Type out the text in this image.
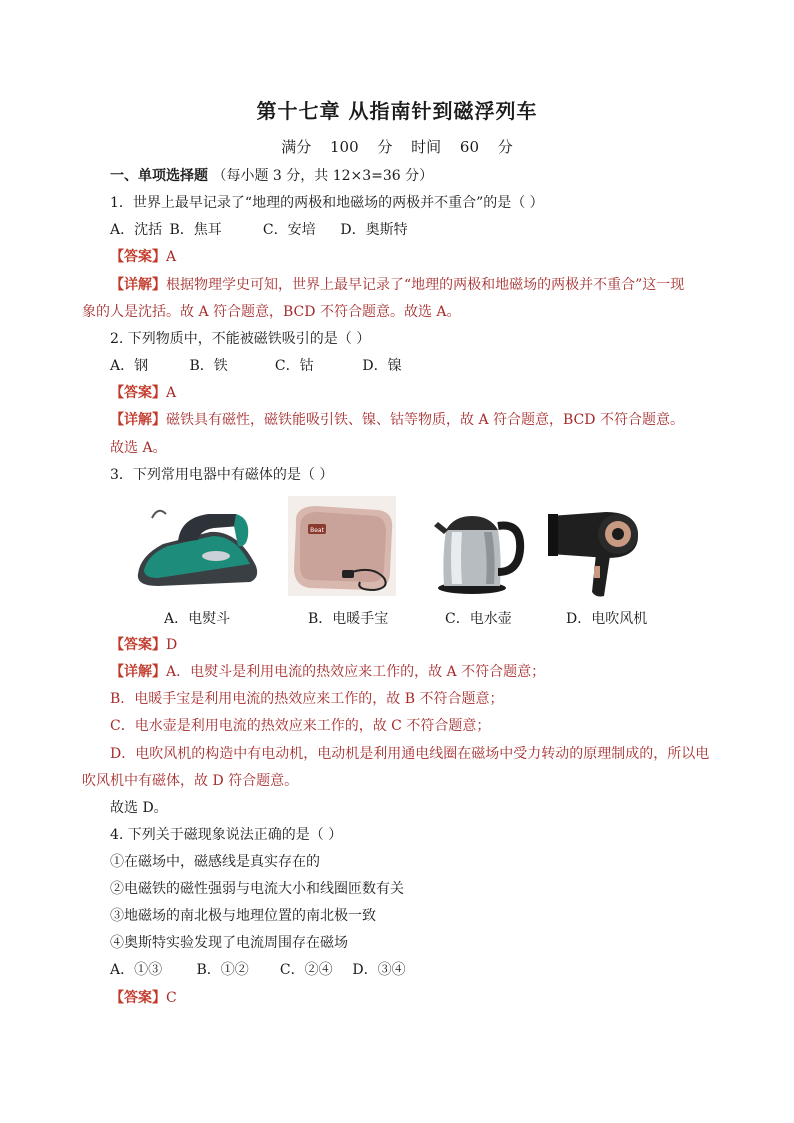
第十七章 从指南针到磁浮列车
满分 100 分 时间 60 分
一、单项选择题 （每小题 3 分，共 12×3=36 分）
1．世界上最早记录了“地理的两极和地磁场的两极并不重合”的是（ ）
A．沈括 B．焦耳	C．安培 D．奥斯特
【答案】A
【详解】根据物理学史可知，世界上最早记录了“地理的两极和地磁场的两极并不重合”这一现
象的人是沈括。故 A 符合题意，BCD 不符合题意。故选 A。
2. 下列物质中，不能被磁铁吸引的是（ ）
A．钢	B．铁	C．钴	D．镍
【答案】A
【详解】磁铁具有磁性，磁铁能吸引铁、镍、钴等物质，故 A 符合题意，BCD 不符合题意。
故选 A。
3．下列常用电器中有磁体的是（ ）
Beat
A．电熨斗	B．电暖手宝	C．电水壶	D．电吹风机
【答案】D
【详解】A．电熨斗是利用电流的热效应来工作的，故 A 不符合题意；
B．电暖手宝是利用电流的热效应来工作的，故 B 不符合题意；
C．电水壶是利用电流的热效应来工作的，故 C 不符合题意；
D．电吹风机的构造中有电动机，电动机是利用通电线圈在磁场中受力转动的原理制成的，所以电
吹风机中有磁体，故 D 符合题意。
故选 D。
4. 下列关于磁现象说法正确的是（ ）
①在磁场中，磁感线是真实存在的
②电磁铁的磁性强弱与电流大小和线圈匝数有关
③地磁场的南北极与地理位置的南北极一致
④奥斯特实验发现了电流周围存在磁场
A．①③ B．①② C．②④ D．③④
【答案】C
